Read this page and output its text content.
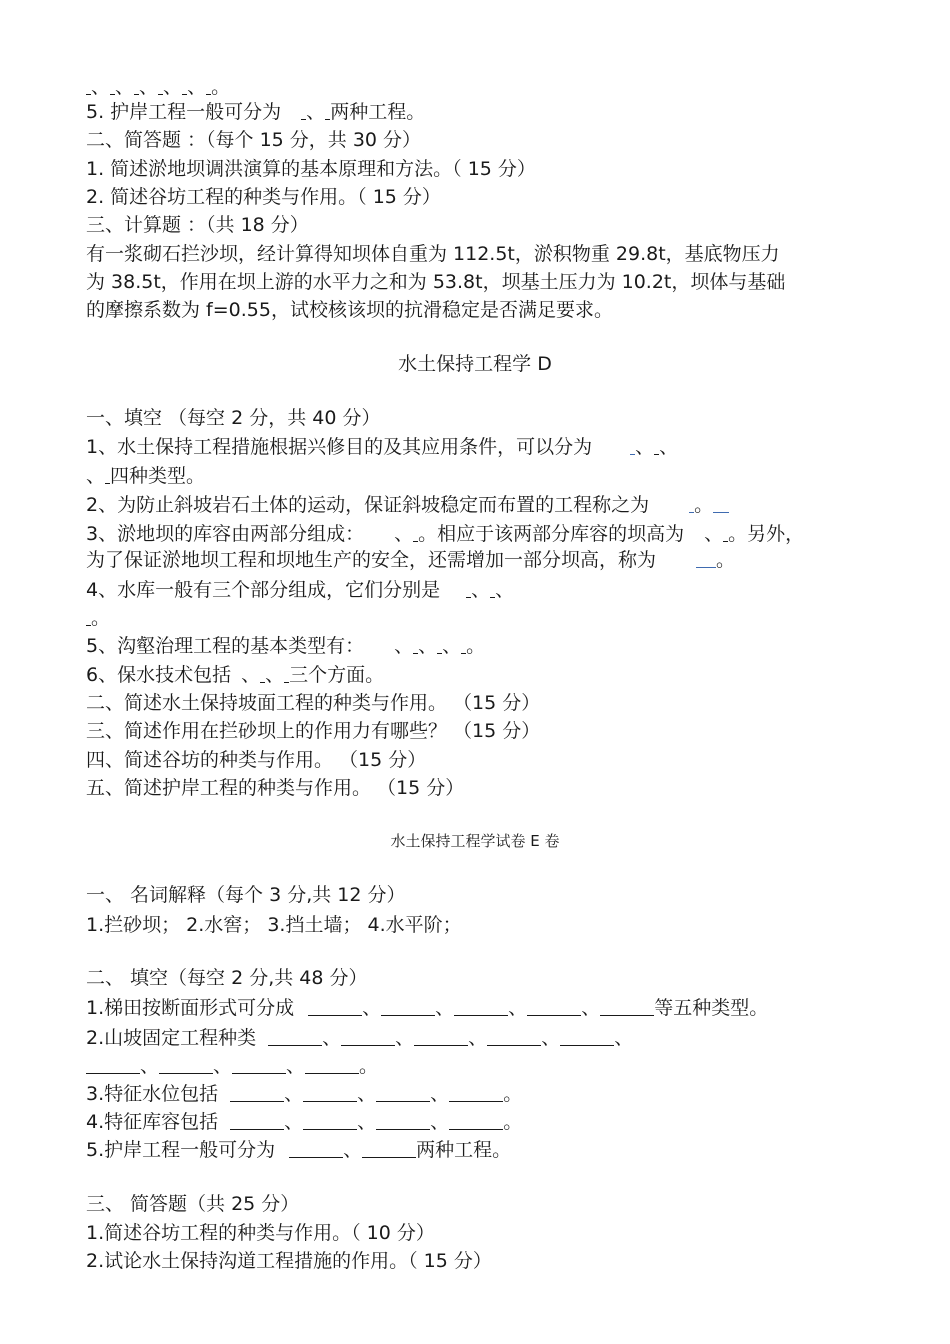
、 、 、 、 、 。
5. 护岸工程一般可分为 、 两种工程。
二、简答题 ：（每个 15 分，共 30 分）
1. 简述淤地坝调洪演算的基本原理和方法。（ 15 分）
2. 简述谷坊工程的种类与作用。（ 15 分）
三、计算题 ：（共 18 分）
有一浆砌石拦沙坝，经计算得知坝体自重为 112.5t，淤积物重 29.8t，基底物压力
为 38.5t，作用在坝上游的水平力之和为 53.8t，坝基土压力为 10.2t，坝体与基础
的摩擦系数为 f=0.55，试校核该坝的抗滑稳定是否满足要求。
水土保持工程学 D
一、填空 （每空 2 分，共 40 分）
1、水土保持工程措施根据兴修目的及其应用条件，可以分为 、 、
、 四种类型。
2、为防止斜坡岩石土体的运动，保证斜坡稳定而布置的工程称之为 。
3、淤地坝的库容由两部分组成： 、 。相应于该两部分库容的坝高为 、 。另外，
为了保证淤地坝工程和坝地生产的安全，还需增加一部分坝高，称为	。
4、水库一般有三个部分组成，它们分别是 、 、
。
5、沟壑治理工程的基本类型有： 、 、 、 。
6、保水技术包括 、 、 三个方面。
二、简述水土保持坡面工程的种类与作用。 （15 分）
三、简述作用在拦砂坝上的作用力有哪些？ （15 分）
四、简述谷坊的种类与作用。 （15 分）
五、简述护岸工程的种类与作用。 （15 分）
水土保持工程学试卷 E 卷
一、 名词解释（每个 3 分,共 12 分）
1.拦砂坝； 2.水窖； 3.挡土墙； 4.水平阶；
二、 填空（每空 2 分,共 48 分）
1.梯田按断面形式可分成	、	、	、	、	等五种类型。
2.山坡固定工程种类	、	、	、	、	、
、	、	、	。
3.特征水位包括	、	、	、	。
4.特征库容包括	、	、	、	。
5.护岸工程一般可分为	、	两种工程。
三、 简答题（共 25 分）
1.简述谷坊工程的种类与作用。（ 10 分）
2.试论水土保持沟道工程措施的作用。（ 15 分）
